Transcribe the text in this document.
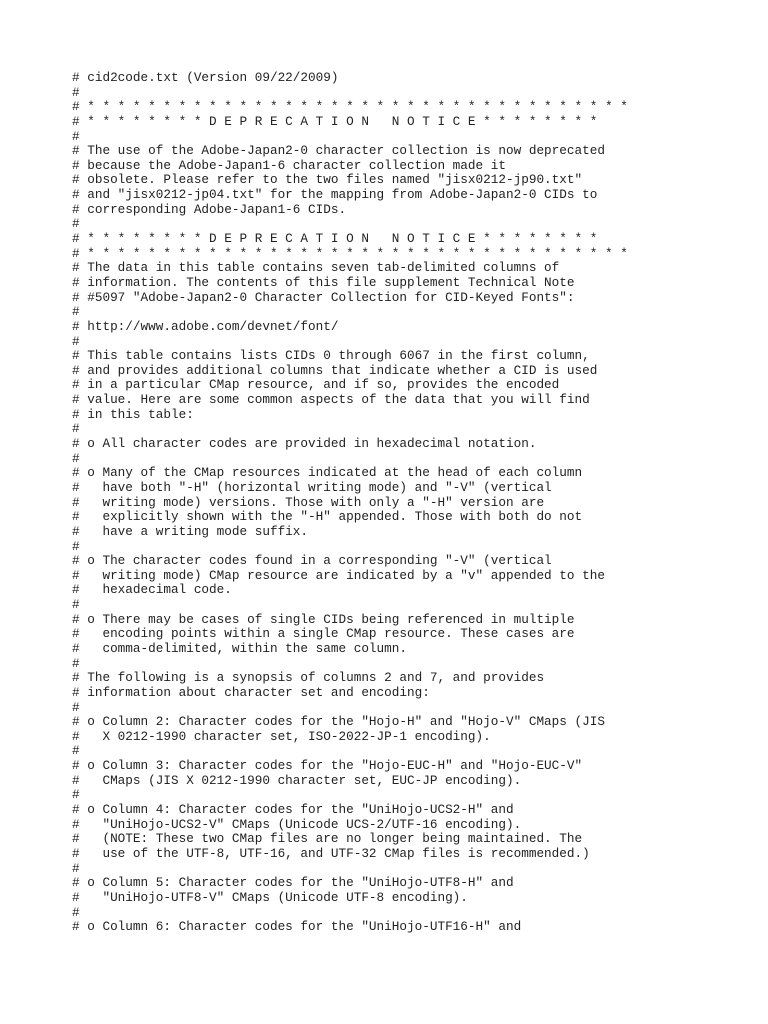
# cid2code.txt (Version 09/22/2009)
#
# * * * * * * * * * * * * * * * * * * * * * * * * * * * * * * * * * * * *
# * * * * * * * * D E P R E C A T I O N   N O T I C E * * * * * * * *
#
# The use of the Adobe-Japan2-0 character collection is now deprecated
# because the Adobe-Japan1-6 character collection made it
# obsolete. Please refer to the two files named "jisx0212-jp90.txt"
# and "jisx0212-jp04.txt" for the mapping from Adobe-Japan2-0 CIDs to
# corresponding Adobe-Japan1-6 CIDs.
#
# * * * * * * * * D E P R E C A T I O N   N O T I C E * * * * * * * *
# * * * * * * * * * * * * * * * * * * * * * * * * * * * * * * * * * * * *
# The data in this table contains seven tab-delimited columns of
# information. The contents of this file supplement Technical Note
# #5097 "Adobe-Japan2-0 Character Collection for CID-Keyed Fonts":
#
# http://www.adobe.com/devnet/font/
#
# This table contains lists CIDs 0 through 6067 in the first column,
# and provides additional columns that indicate whether a CID is used
# in a particular CMap resource, and if so, provides the encoded
# value. Here are some common aspects of the data that you will find
# in this table:
#
# o All character codes are provided in hexadecimal notation.
#
# o Many of the CMap resources indicated at the head of each column
#   have both "-H" (horizontal writing mode) and "-V" (vertical
#   writing mode) versions. Those with only a "-H" version are
#   explicitly shown with the "-H" appended. Those with both do not
#   have a writing mode suffix.
#
# o The character codes found in a corresponding "-V" (vertical
#   writing mode) CMap resource are indicated by a "v" appended to the
#   hexadecimal code.
#
# o There may be cases of single CIDs being referenced in multiple
#   encoding points within a single CMap resource. These cases are
#   comma-delimited, within the same column.
#
# The following is a synopsis of columns 2 and 7, and provides
# information about character set and encoding:
#
# o Column 2: Character codes for the "Hojo-H" and "Hojo-V" CMaps (JIS
#   X 0212-1990 character set, ISO-2022-JP-1 encoding).
#
# o Column 3: Character codes for the "Hojo-EUC-H" and "Hojo-EUC-V"
#   CMaps (JIS X 0212-1990 character set, EUC-JP encoding).
#
# o Column 4: Character codes for the "UniHojo-UCS2-H" and
#   "UniHojo-UCS2-V" CMaps (Unicode UCS-2/UTF-16 encoding).
#   (NOTE: These two CMap files are no longer being maintained. The
#   use of the UTF-8, UTF-16, and UTF-32 CMap files is recommended.)
#
# o Column 5: Character codes for the "UniHojo-UTF8-H" and
#   "UniHojo-UTF8-V" CMaps (Unicode UTF-8 encoding).
#
# o Column 6: Character codes for the "UniHojo-UTF16-H" and
